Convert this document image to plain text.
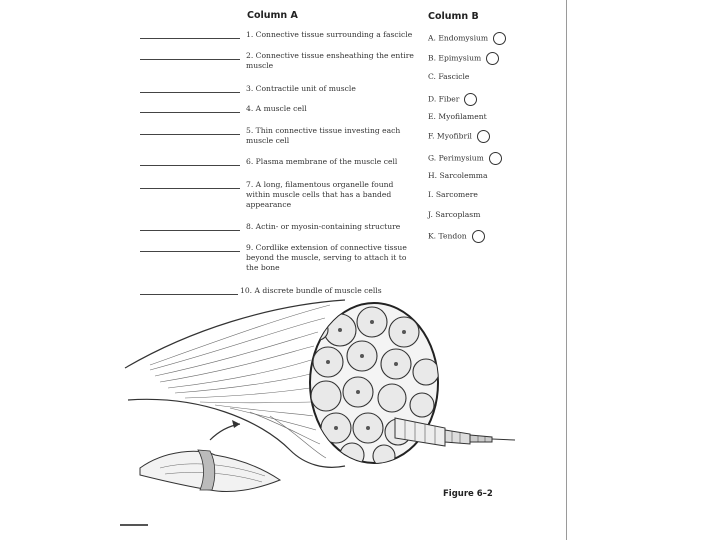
Column A	Column B
1. Connective tissue surrounding a fascicle
2. Connective tissue ensheathing the entire muscle
3. Contractile unit of muscle
4. A muscle cell
5. Thin connective tissue investing each muscle cell
6. Plasma membrane of the muscle cell
7. A long, filamentous organelle found within muscle cells that has a banded appearance
8. Actin- or myosin-containing structure
9. Cordlike extension of connective tissue beyond the muscle, serving to attach it to the bone
10. A discrete bundle of muscle cells
A. Endomysium
B. Epimysium
C. Fascicle
D. Fiber
E. Myofilament
F. Myofibril
G. Perimysium
H. Sarcolemma
I. Sarcomere
J. Sarcoplasm
K. Tendon
Figure 6–2
